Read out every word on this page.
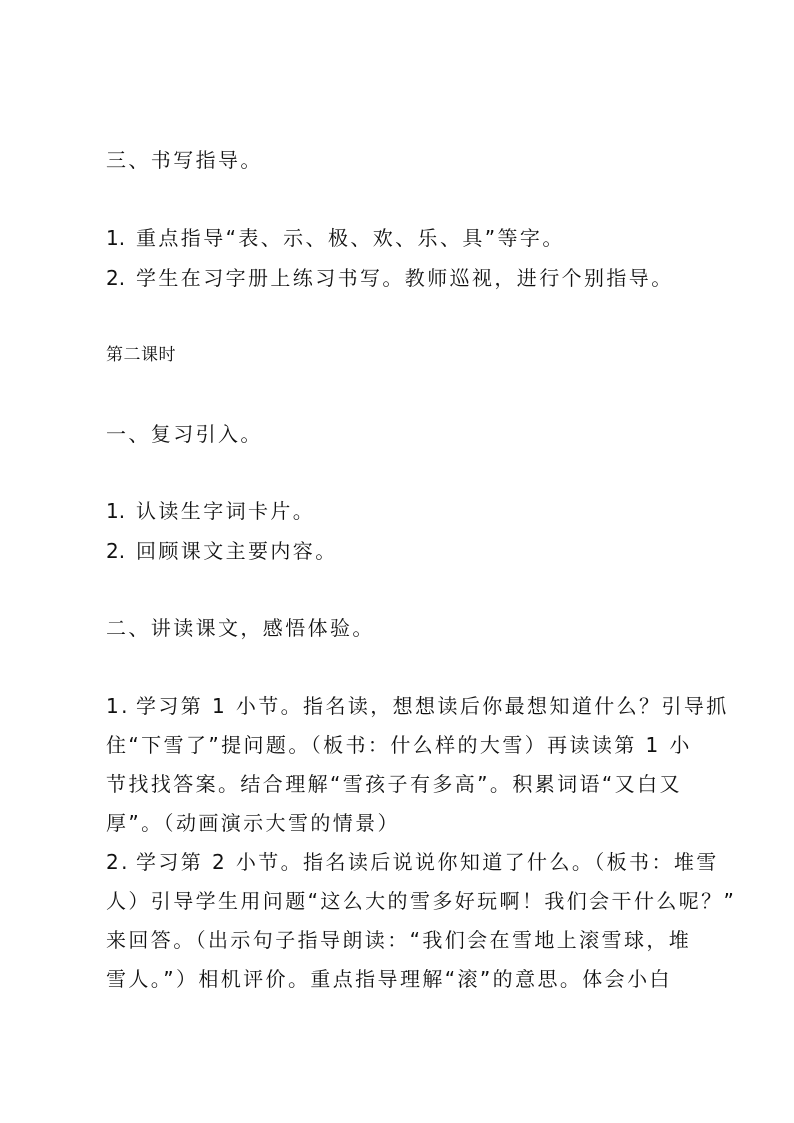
三、书写指导。
1. 重点指导“表、示、极、欢、乐、具”等字。
2. 学生在习字册上练习书写。教师巡视，进行个别指导。
第二课时
一、复习引入。
1. 认读生字词卡片。
2. 回顾课文主要内容。
二、讲读课文，感悟体验。
1. 学习第 1 小节。指名读，想想读后你最想知道什么？引导抓
住“下雪了”提问题。（板书：什么样的大雪）再读读第 1 小
节找找答案。结合理解“雪孩子有多高”。积累词语“又白又
厚”。（动画演示大雪的情景）
2. 学习第 2 小节。指名读后说说你知道了什么。（板书：堆雪
人）引导学生用问题“这么大的雪多好玩啊！我们会干什么呢？”
来回答。（出示句子指导朗读：“我们会在雪地上滚雪球，堆
雪人。”）相机评价。重点指导理解“滚”的意思。体会小白
